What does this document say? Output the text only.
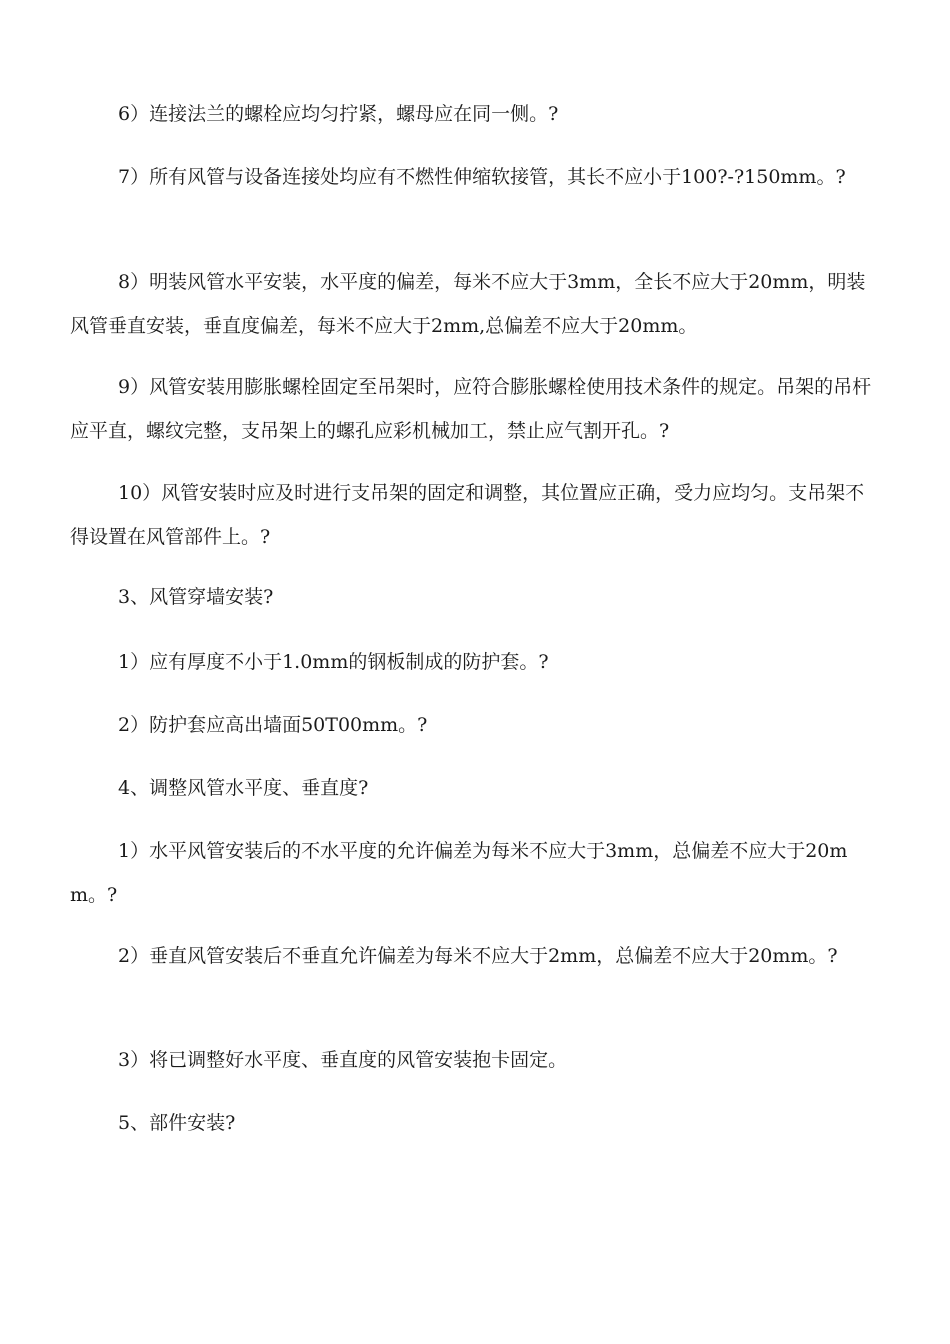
6）连接法兰的螺栓应均匀拧紧，螺母应在同一侧。?

7）所有风管与设备连接处均应有不燃性伸缩软接管，其长不应小于100?-?150mm。?

8）明装风管水平安装，水平度的偏差，每米不应大于3mm，全长不应大于20mm，明装风管垂直安装，垂直度偏差，每米不应大于2mm,总偏差不应大于20mm。

9）风管安装用膨胀螺栓固定至吊架时，应符合膨胀螺栓使用技术条件的规定。吊架的吊杆应平直，螺纹完整，支吊架上的螺孔应彩机械加工，禁止应气割开孔。?

10）风管安装时应及时进行支吊架的固定和调整，其位置应正确，受力应均匀。支吊架不得设置在风管部件上。?

3、风管穿墙安装?

1）应有厚度不小于1.0mm的钢板制成的防护套。?

2）防护套应高出墙面50T00mm。?

4、调整风管水平度、垂直度?

1）水平风管安装后的不水平度的允许偏差为每米不应大于3mm，总偏差不应大于20mm。?

2）垂直风管安装后不垂直允许偏差为每米不应大于2mm，总偏差不应大于20mm。?

3）将已调整好水平度、垂直度的风管安装抱卡固定。

5、部件安装?
